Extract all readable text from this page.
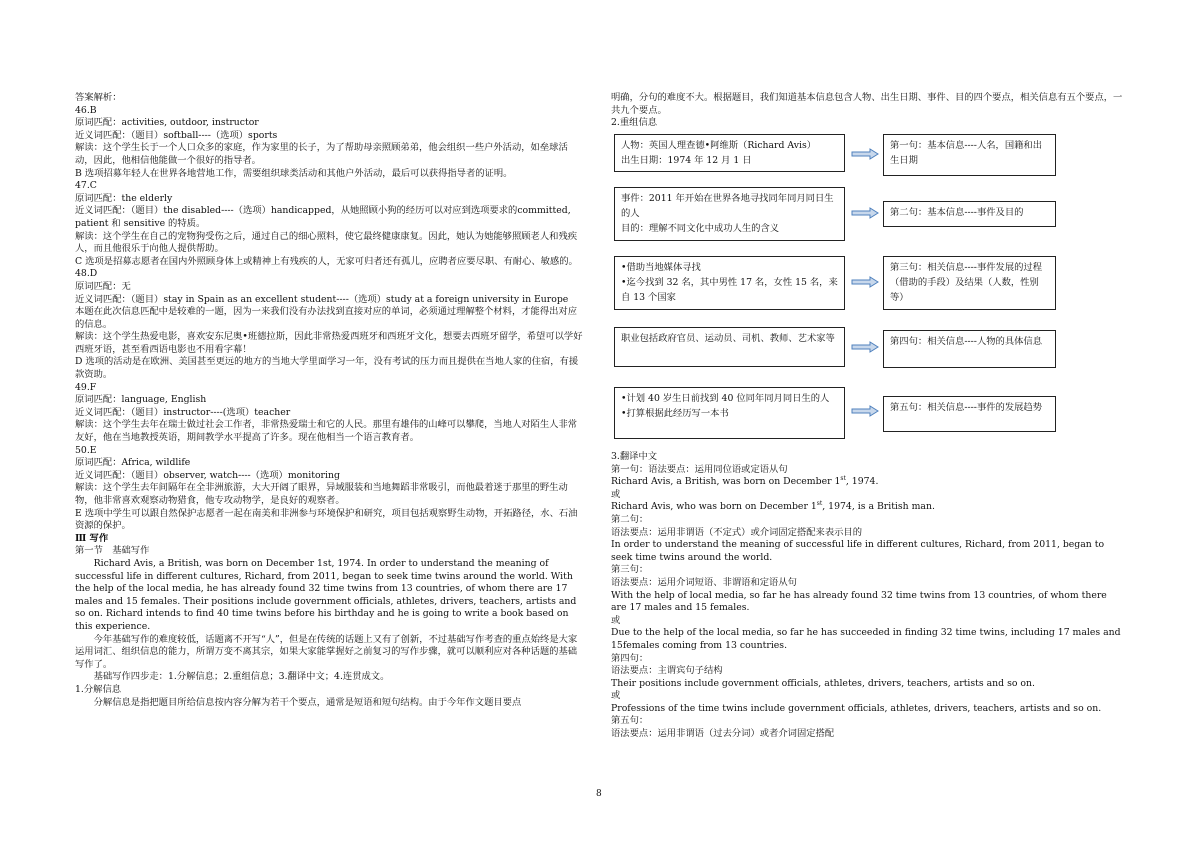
答案解析：

46.B

原词匹配：activities, outdoor, instructor

近义词匹配：（题目）softball----（选项）sports

解读：这个学生长于一个人口众多的家庭，作为家里的长子，为了帮助母亲照顾弟弟，他会组织一些户外活动，如垒球活动，因此，他相信他能做一个很好的指导者。

B 选项招募年轻人在世界各地营地工作，需要组织球类活动和其他户外活动，最后可以获得指导者的证明。

47.C

原词匹配：the elderly

近义词匹配：（题目）the disabled----（选项）handicapped，从她照顾小狗的经历可以对应到选项要求的committed, patient 和 sensitive 的特质。

解读：这个学生在自己的宠物狗受伤之后，通过自己的细心照料，使它最终健康康复。因此，她认为她能够照顾老人和残疾人，而且他很乐于向他人提供帮助。

C 选项是招募志愿者在国内外照顾身体上或精神上有残疾的人，无家可归者还有孤儿，应聘者应要尽职、有耐心、敏感的。

48.D

原词匹配：无

近义词匹配：（题目）stay in Spain as an excellent student----（选项）study at a foreign university in Europe

本题在此次信息匹配中是较难的一题，因为一来我们没有办法找到直接对应的单词，必须通过理解整个材料，才能得出对应的信息。

解读：这个学生热爱电影，喜欢安东尼奥•班德拉斯，因此非常热爱西班牙和西班牙文化，想要去西班牙留学，希望可以学好西班牙语，甚至看西语电影也不用看字幕！

D 选项的活动是在欧洲、美国甚至更远的地方的当地大学里面学习一年，没有考试的压力而且提供在当地人家的住宿，有援款资助。

49.F

原词匹配：language, English

近义词匹配：（题目）instructor----(选项）teacher

解读：这个学生去年在瑞士做过社会工作者，非常热爱瑞士和它的人民。那里有雄伟的山峰可以攀爬，当地人对陌生人非常友好，他在当地教授英语，期间教学水平提高了许多。现在他相当一个语言教育者。

50.E

原词匹配：Africa, wildlife

近义词匹配：（题目）observer, watch----（选项）monitoring

解读：这个学生去年间隔年在全非洲旅游，大大开阔了眼界，异域服装和当地舞蹈非常吸引，而他最着迷于那里的野生动物，他非常喜欢观察动物猎食，他专攻动物学，是良好的观察者。

E 选项中学生可以跟自然保护志愿者一起在南美和非洲参与环境保护和研究，项目包括观察野生动物，开拓路径，水、石油资源的保护。

Ⅲ 写作

第一节　基础写作

Richard Avis, a British, was born on December 1st, 1974. In order to understand the meaning of successful life in different cultures, Richard, from 2011, began to seek time twins around the world. With the help of the local media, he has already found 32 time twins from 13 countries, of whom there are 17 males and 15 females. Their positions include government officials, athletes, drivers, teachers, artists and so on. Richard intends to find 40 time twins before his birthday and he is going to write a book based on this experience.

今年基础写作的难度较低，话题离不开写“人”，但是在传统的话题上又有了创新，不过基础写作考查的重点始终是大家运用词汇、组织信息的能力，所谓万变不离其宗，如果大家能掌握好之前复习的写作步骤，就可以顺利应对各种话题的基础写作了。

基础写作四步走：1.分解信息；2.重组信息；3.翻译中文；4.连贯成文。

1.分解信息

分解信息是指把题目所给信息按内容分解为若干个要点，通常是短语和短句结构。由于今年作文题目要点

明确，分句的难度不大。根据题目，我们知道基本信息包含人物、出生日期、事件、目的四个要点，相关信息有五个要点，一共九个要点。

2.重组信息

人物：英国人理查德•阿维斯（Richard Avis）
出生日期：1974 年 12 月 1 日
第一句：基本信息----人名，国籍和出生日期
事件：2011 年开始在世界各地寻找同年同月同日生的人
目的：理解不同文化中成功人生的含义
第二句：基本信息----事件及目的
•借助当地媒体寻找
•迄今找到 32 名，其中男性 17 名，女性 15 名，来自 13 个国家
第三句：相关信息----事件发展的过程（借助的手段）及结果（人数，性别等）
职业包括政府官员、运动员、司机、教师、艺术家等	第四句：相关信息----人物的具体信息
•计划 40 岁生日前找到 40 位同年同月同日生的人
•打算根据此经历写一本书
第五句：相关信息----事件的发展趋势

3.翻译中文

第一句：语法要点：运用同位语或定语从句

Richard Avis, a British, was born on December 1st, 1974.

或

Richard Avis, who was born on December 1st, 1974, is a British man.

第二句：

语法要点：运用非谓语（不定式）或介词固定搭配来表示目的

In order to understand the meaning of successful life in different cultures, Richard, from 2011, began to seek time twins around the world.

第三句：

语法要点：运用介词短语、非谓语和定语从句

With the help of local media, so far he has already found 32 time twins from 13 countries, of whom there are 17 males and 15 females.

或

Due to the help of the local media, so far he has succeeded in finding 32 time twins, including 17 males and 15females coming from 13 countries.

第四句：

语法要点：主谓宾句子结构

Their positions include government officials, athletes, drivers, teachers, artists and so on.

或

Professions of the time twins include government officials, athletes, drivers, teachers, artists and so on.

第五句：

语法要点：运用非谓语（过去分词）或者介词固定搭配

8
